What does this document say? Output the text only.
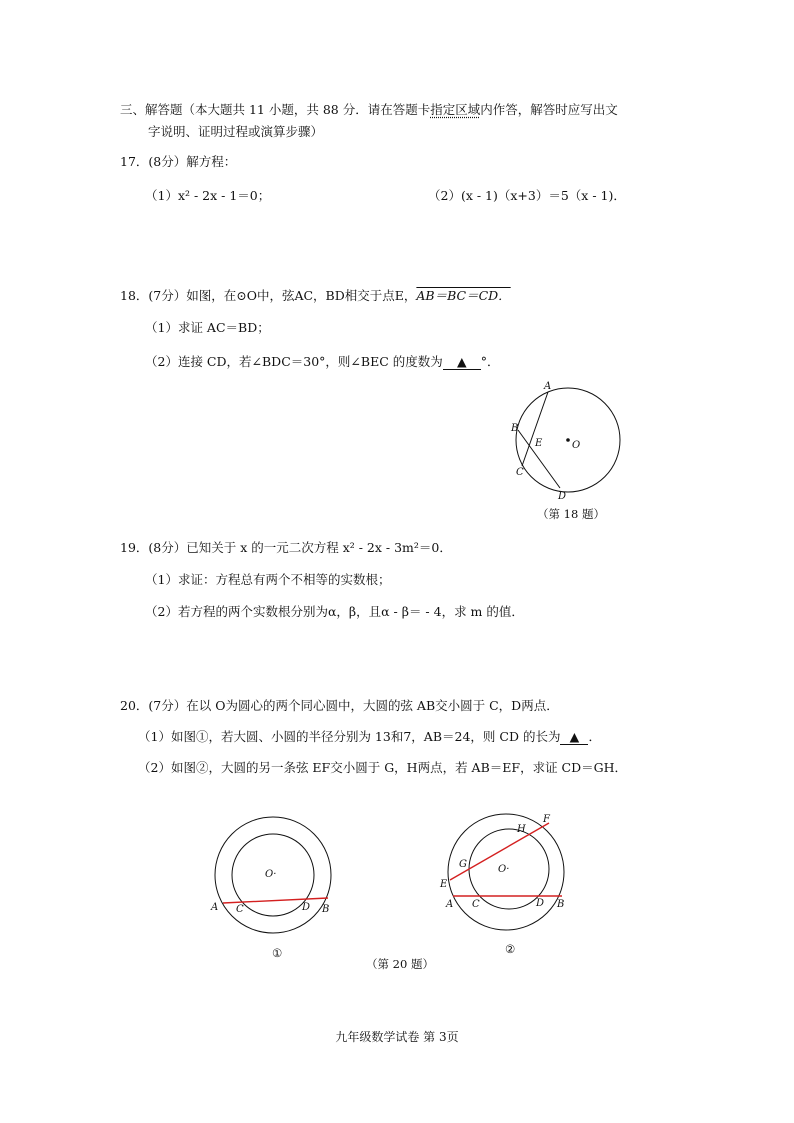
三、解答题（本大题共 11 小题，共 88 分．请在答题卡指定区域内作答，解答时应写出文
字说明、证明过程或演算步骤）
17．(8分）解方程：
（1）x² - 2x - 1＝0；	（2）(x - 1)（x+3）＝5（x - 1)．
18．(7分）如图，在⊙O中，弦AC，BD相交于点E，AB＝BC＝CD．
（1）求证 AC＝BD；
（2）连接 CD，若∠BDC＝30°，则∠BEC 的度数为 ▲ °．
A
B
E	O
C
D
（第 18 题）
19．(8分）已知关于 x 的一元二次方程 x² - 2x - 3m²＝0．
（1）求证：方程总有两个不相等的实数根；
（2）若方程的两个实数根分别为α，β，且α - β＝ - 4，求 m 的值．
20．(7分）在以 O为圆心的两个同心圆中，大圆的弦 AB交小圆于 C，D两点．
（1）如图①，若大圆、小圆的半径分别为 13和7，AB＝24，则 CD 的长为 ▲ ．
（2）如图②，大圆的另一条弦 EF交小圆于 G，H两点，若 AB＝EF，求证 CD＝GH．
O·
A C	D B
①
F
H
G	O·
E
A C	D B
②
（第 20 题）
九年级数学试卷 第 3页
